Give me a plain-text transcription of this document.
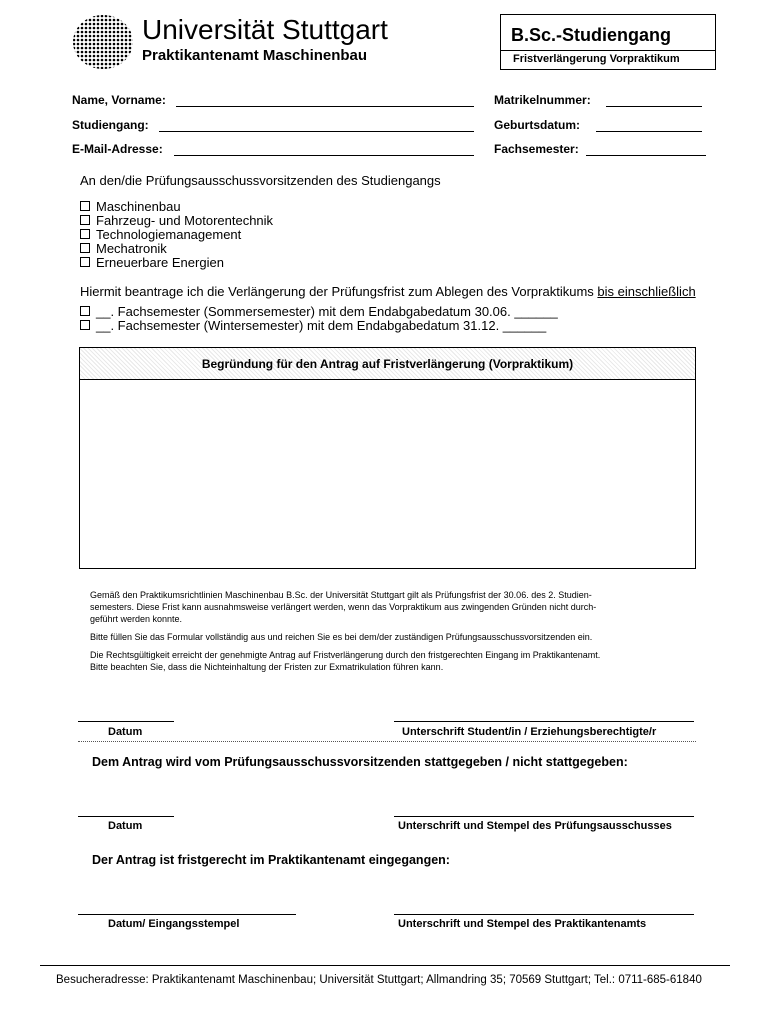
Universität Stuttgart
Praktikantenamt Maschinenbau
B.Sc.-Studiengang
Fristverlängerung Vorpraktikum
Name, Vorname:	Matrikelnummer:
Studiengang:	Geburtsdatum:
E-Mail-Adresse:	Fachsemester:
An den/die Prüfungsausschussvorsitzenden des Studiengangs
Maschinenbau
Fahrzeug- und Motorentechnik
Technologiemanagement
Mechatronik
Erneuerbare Energien
Hiermit beantrage ich die Verlängerung der Prüfungsfrist zum Ablegen des Vorpraktikums bis einschließlich
__. Fachsemester (Sommersemester) mit dem Endabgabedatum 30.06. ______
__. Fachsemester (Wintersemester) mit dem Endabgabedatum 31.12. ______
Begründung für den Antrag auf Fristverlängerung (Vorpraktikum)
Gemäß den Praktikumsrichtlinien Maschinenbau B.Sc. der Universität Stuttgart gilt als Prüfungsfrist der 30.06. des 2. Studien-
semesters. Diese Frist kann ausnahmsweise verlängert werden, wenn das Vorpraktikum aus zwingenden Gründen nicht durch-
geführt werden konnte.
Bitte füllen Sie das Formular vollständig aus und reichen Sie es bei dem/der zuständigen Prüfungsausschussvorsitzenden ein.
Die Rechtsgültigkeit erreicht der genehmigte Antrag auf Fristverlängerung durch den fristgerechten Eingang im Praktikantenamt.
Bitte beachten Sie, dass die Nichteinhaltung der Fristen zur Exmatrikulation führen kann.
Datum	Unterschrift Student/in / Erziehungsberechtigte/r
Dem Antrag wird vom Prüfungsausschussvorsitzenden stattgegeben / nicht stattgegeben:
Datum	Unterschrift und Stempel des Prüfungsausschusses
Der Antrag ist fristgerecht im Praktikantenamt eingegangen:
Datum/ Eingangsstempel	Unterschrift und Stempel des Praktikantenamts
Besucheradresse: Praktikantenamt Maschinenbau; Universität Stuttgart; Allmandring 35; 70569 Stuttgart; Tel.: 0711-685-61840
